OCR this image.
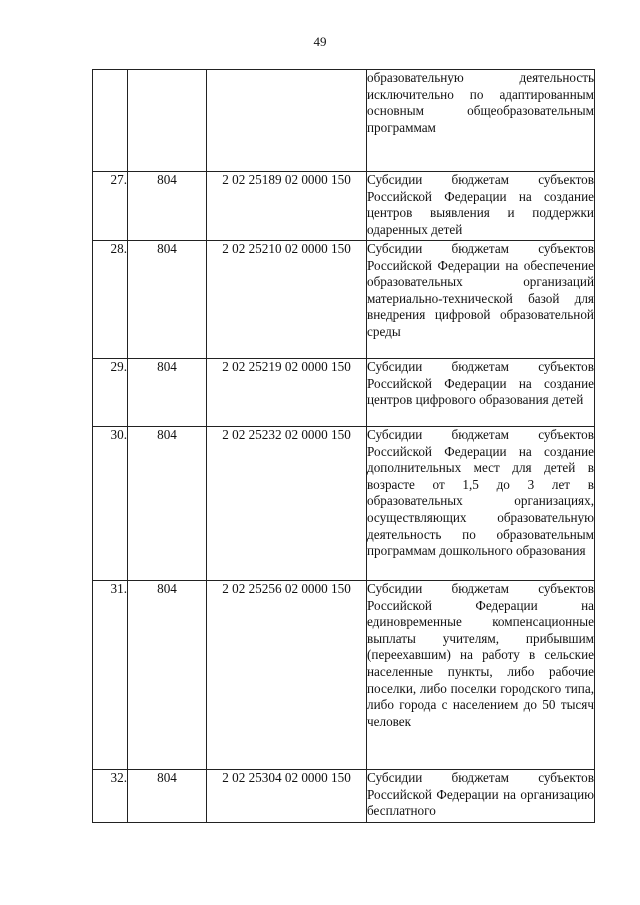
49
			образовательную деятельность исключительно по адаптированным основным общеобразовательным программам
27.	804	2 02 25189 02 0000 150	Субсидии бюджетам субъектов Российской Федерации на создание центров выявления и поддержки одаренных детей
28.	804	2 02 25210 02 0000 150	Субсидии бюджетам субъектов Российской Федерации на обеспечение образовательных организаций материально-технической базой для внедрения цифровой образовательной среды
29.	804	2 02 25219 02 0000 150	Субсидии бюджетам субъектов Российской Федерации на создание центров цифрового образования детей
30.	804	2 02 25232 02 0000 150	Субсидии бюджетам субъектов Российской Федерации на создание дополнительных мест для детей в возрасте от 1,5 до 3 лет в образовательных организациях, осуществляющих образовательную деятельность по образовательным программам дошкольного образования
31.	804	2 02 25256 02 0000 150	Субсидии бюджетам субъектов Российской Федерации на единовременные компенсационные выплаты учителям, прибывшим (переехавшим) на работу в сельские населенные пункты, либо рабочие поселки, либо поселки городского типа, либо города с населением до 50 тысяч человек
32.	804	2 02 25304 02 0000 150	Субсидии бюджетам субъектов Российской Федерации на организацию бесплатного
